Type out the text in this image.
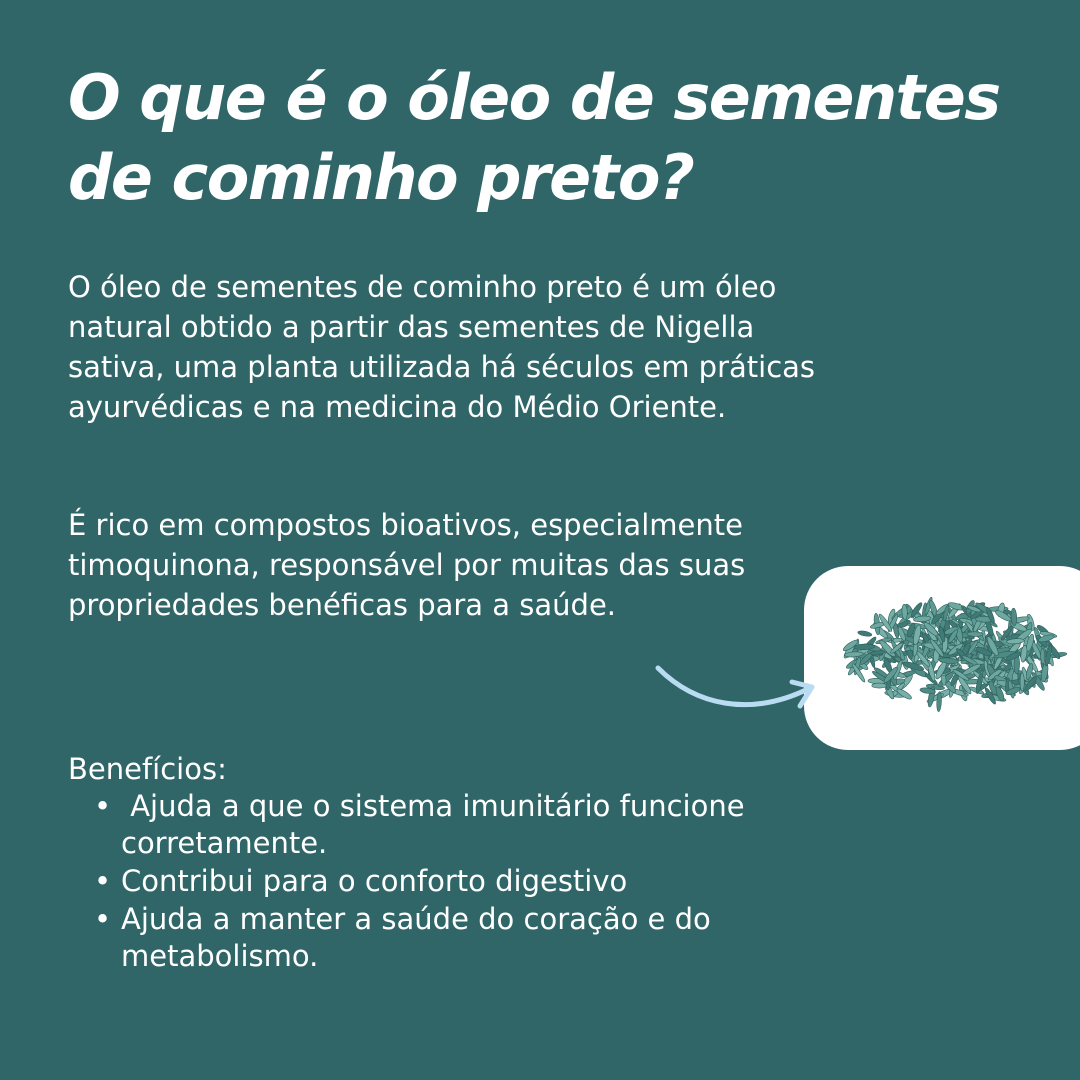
O que é o óleo de sementes de cominho preto?

O óleo de sementes de cominho preto é um óleo natural obtido a partir das sementes de Nigella sativa, uma planta utilizada há séculos em práticas ayurvédicas e na medicina do Médio Oriente.

É rico em compostos bioativos, especialmente timoquinona, responsável por muitas das suas propriedades benéficas para a saúde.

Benefícios:

• Ajuda a que o sistema imunitário funcione corretamente.
• Contribui para o conforto digestivo
• Ajuda a manter a saúde do coração e do metabolismo.
